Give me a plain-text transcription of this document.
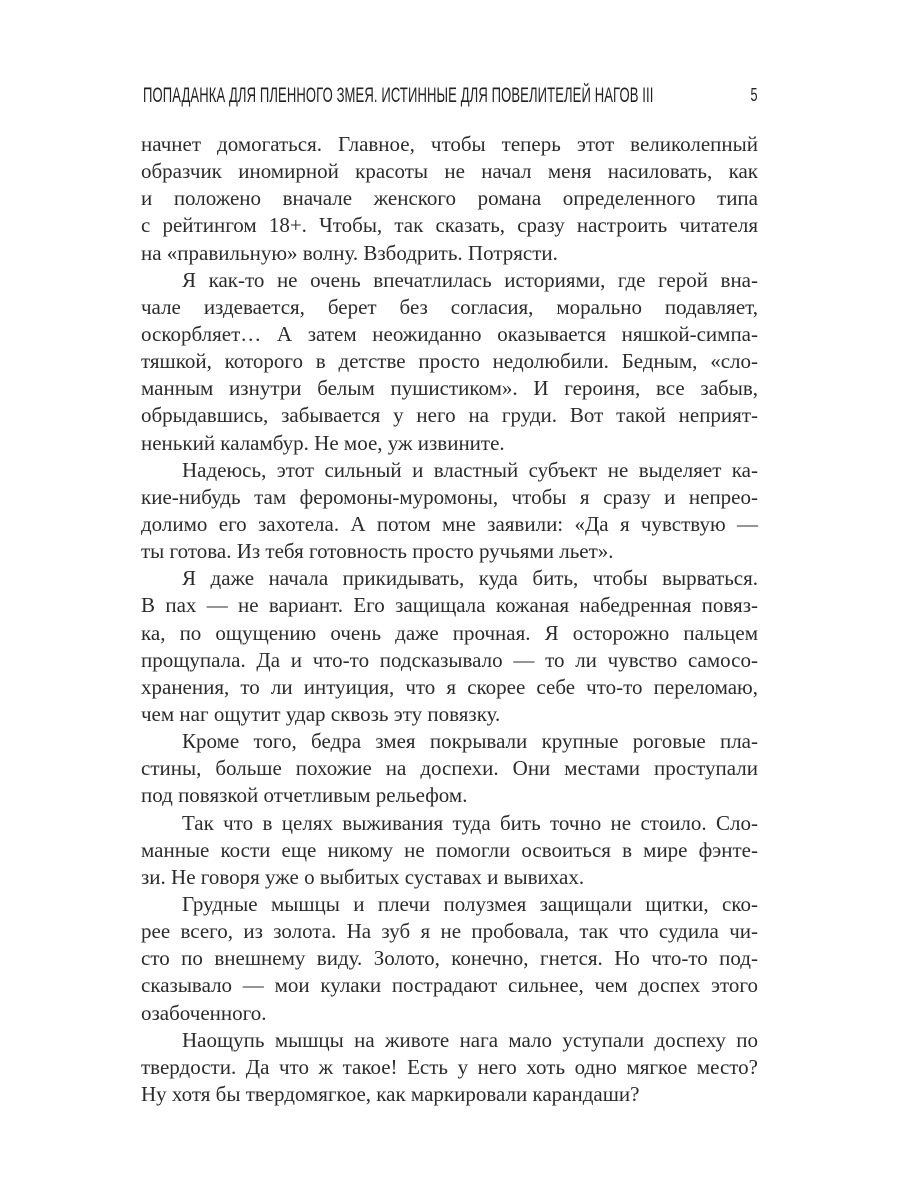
ПОПАДАНКА ДЛЯ ПЛЕННОГО ЗМЕЯ. ИСТИННЫЕ ДЛЯ ПОВЕЛИТЕЛЕЙ НАГОВ III	5
начнет домогаться. Главное, чтобы теперь этот великолепный
образчик иномирной красоты не начал меня насиловать, как
и положено вначале женского романа определенного типа
с рейтингом 18+. Чтобы, так сказать, сразу настроить читателя
на «правильную» волну. Взбодрить. Потрясти.
Я как-то не очень впечатлилась историями, где герой вна-
чале издевается, берет без согласия, морально подавляет,
оскорбляет… А затем неожиданно оказывается няшкой-симпа-
тяшкой, которого в детстве просто недолюбили. Бедным, «сло-
манным изнутри белым пушистиком». И героиня, все забыв,
обрыдавшись, забывается у него на груди. Вот такой неприят-
ненький каламбур. Не мое, уж извините.
Надеюсь, этот сильный и властный субъект не выделяет ка-
кие-нибудь там феромоны-муромоны, чтобы я сразу и непрео-
долимо его захотела. А потом мне заявили: «Да я чувствую —
ты готова. Из тебя готовность просто ручьями льет».
Я даже начала прикидывать, куда бить, чтобы вырваться.
В пах — не вариант. Его защищала кожаная набедренная повяз-
ка, по ощущению очень даже прочная. Я осторожно пальцем
прощупала. Да и что-то подсказывало — то ли чувство самосо-
хранения, то ли интуиция, что я скорее себе что-то переломаю,
чем наг ощутит удар сквозь эту повязку.
Кроме того, бедра змея покрывали крупные роговые пла-
стины, больше похожие на доспехи. Они местами проступали
под повязкой отчетливым рельефом.
Так что в целях выживания туда бить точно не стоило. Сло-
манные кости еще никому не помогли освоиться в мире фэнте-
зи. Не говоря уже о выбитых суставах и вывихах.
Грудные мышцы и плечи полузмея защищали щитки, ско-
рее всего, из золота. На зуб я не пробовала, так что судила чи-
сто по внешнему виду. Золото, конечно, гнется. Но что-то под-
сказывало — мои кулаки пострадают сильнее, чем доспех этого
озабоченного.
Наощупь мышцы на животе нага мало уступали доспеху по
твердости. Да что ж такое! Есть у него хоть одно мягкое место?
Ну хотя бы твердомягкое, как маркировали карандаши?
